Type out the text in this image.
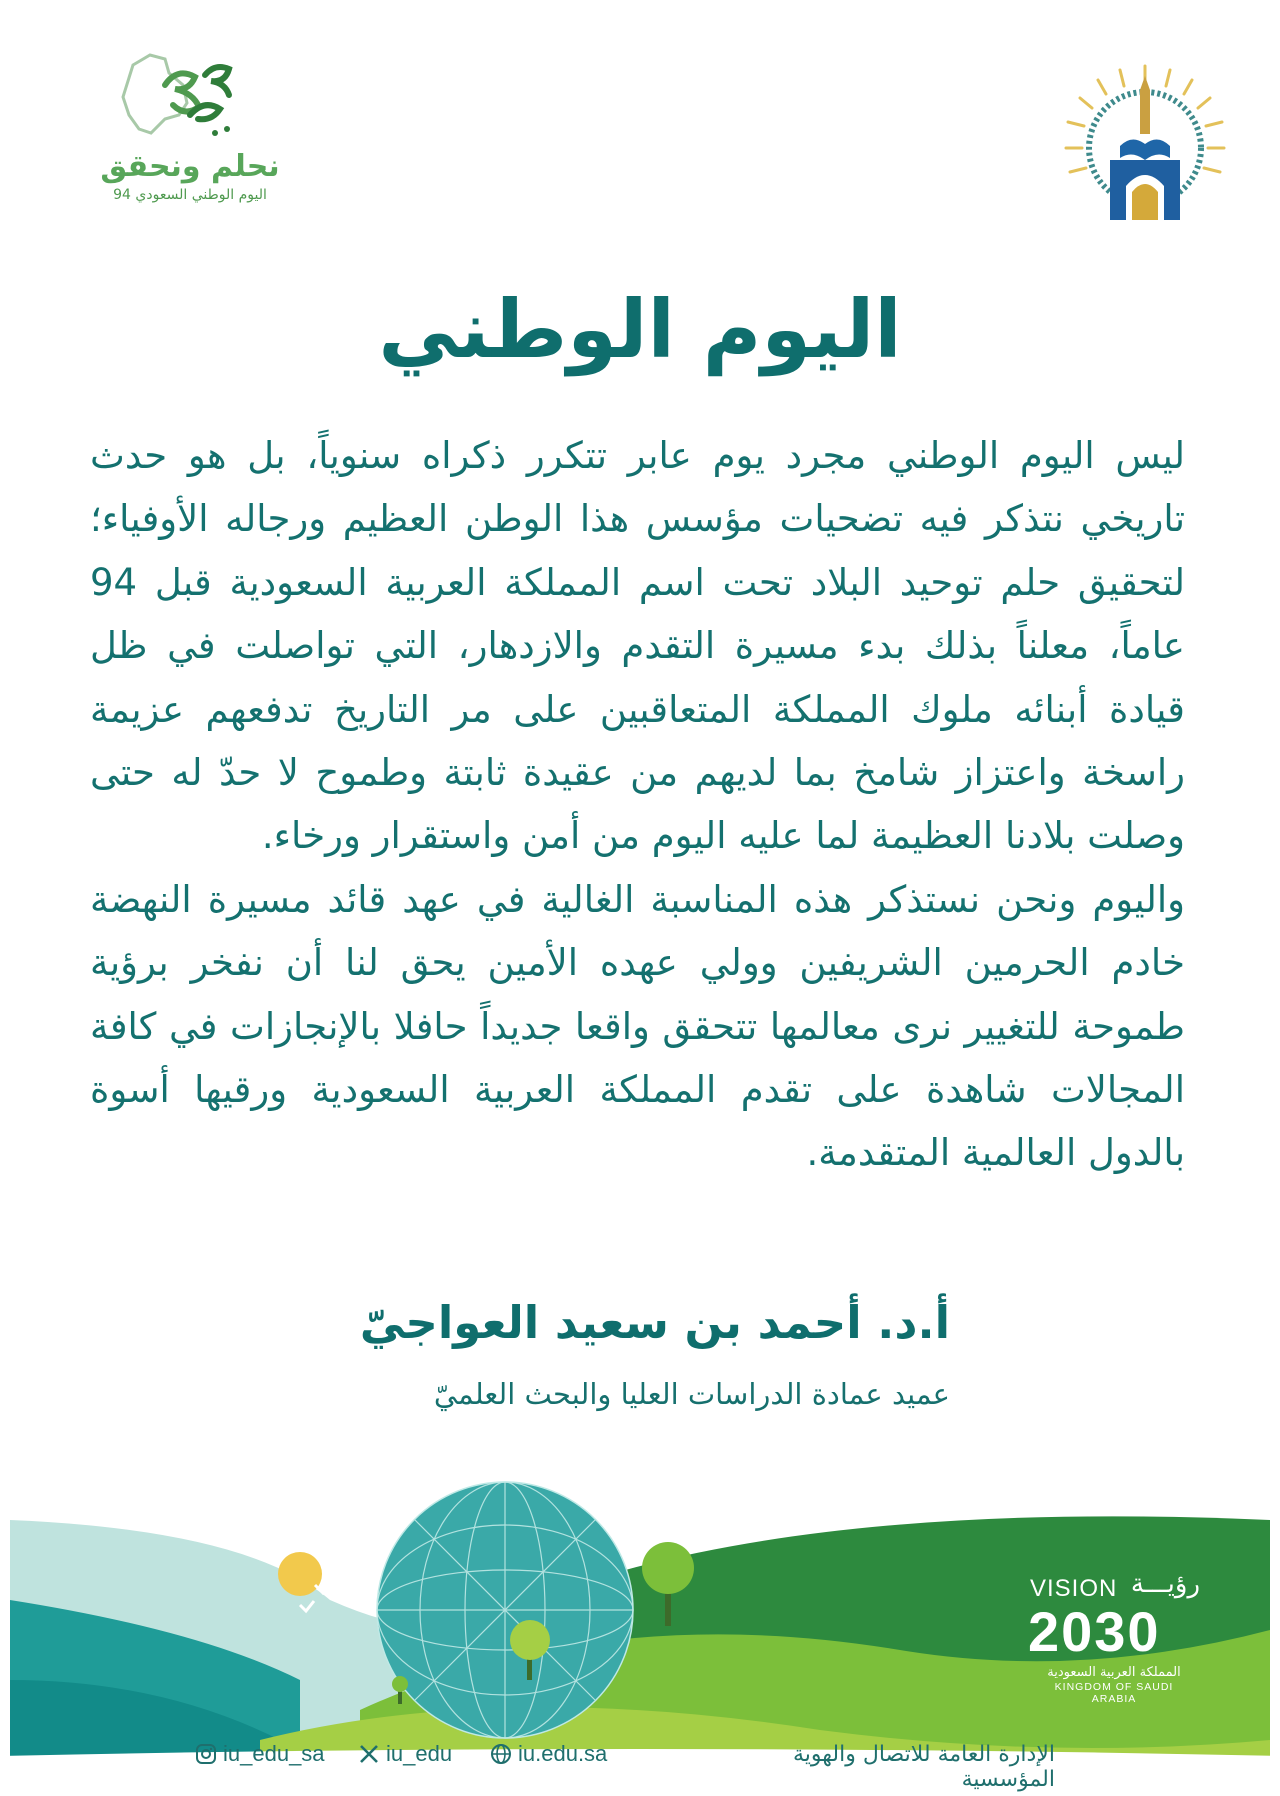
نحلم ونحقق
اليوم الوطني السعودي 94
اليوم الوطني

ليس اليوم الوطني مجرد يوم عابر تتكرر ذكراه سنوياً، بل هو حدث تاريخي نتذكر فيه تضحيات مؤسس هذا الوطن العظيم ورجاله الأوفياء؛ لتحقيق حلم توحيد البلاد تحت اسم المملكة العربية السعودية قبل 94 عاماً، معلناً بذلك بدء مسيرة التقدم والازدهار، التي تواصلت في ظل قيادة أبنائه ملوك المملكة المتعاقبين على مر التاريخ تدفعهم عزيمة راسخة واعتزاز شامخ بما لديهم من عقيدة ثابتة وطموح لا حدّ له حتى وصلت بلادنا العظيمة لما عليه اليوم من أمن واستقرار ورخاء.

واليوم ونحن نستذكر هذه المناسبة الغالية في عهد قائد مسيرة النهضة خادم الحرمين الشريفين وولي عهده الأمين يحق لنا أن نفخر برؤية طموحة للتغيير نرى معالمها تتحقق واقعا جديداً حافلا بالإنجازات في كافة المجالات شاهدة على تقدم المملكة العربية السعودية ورقيها أسوة بالدول العالمية المتقدمة.

أ.د. أحمد بن سعيد العواجيّ
عميد عمادة الدراسات العليا والبحث العلميّ
VISION رؤيـــة
2030
المملكة العربية السعودية
KINGDOM OF SAUDI ARABIA
iu_edu_sa	iu_edu	iu.edu.sa	الإدارة العامة للاتصال والهوية المؤسسية
